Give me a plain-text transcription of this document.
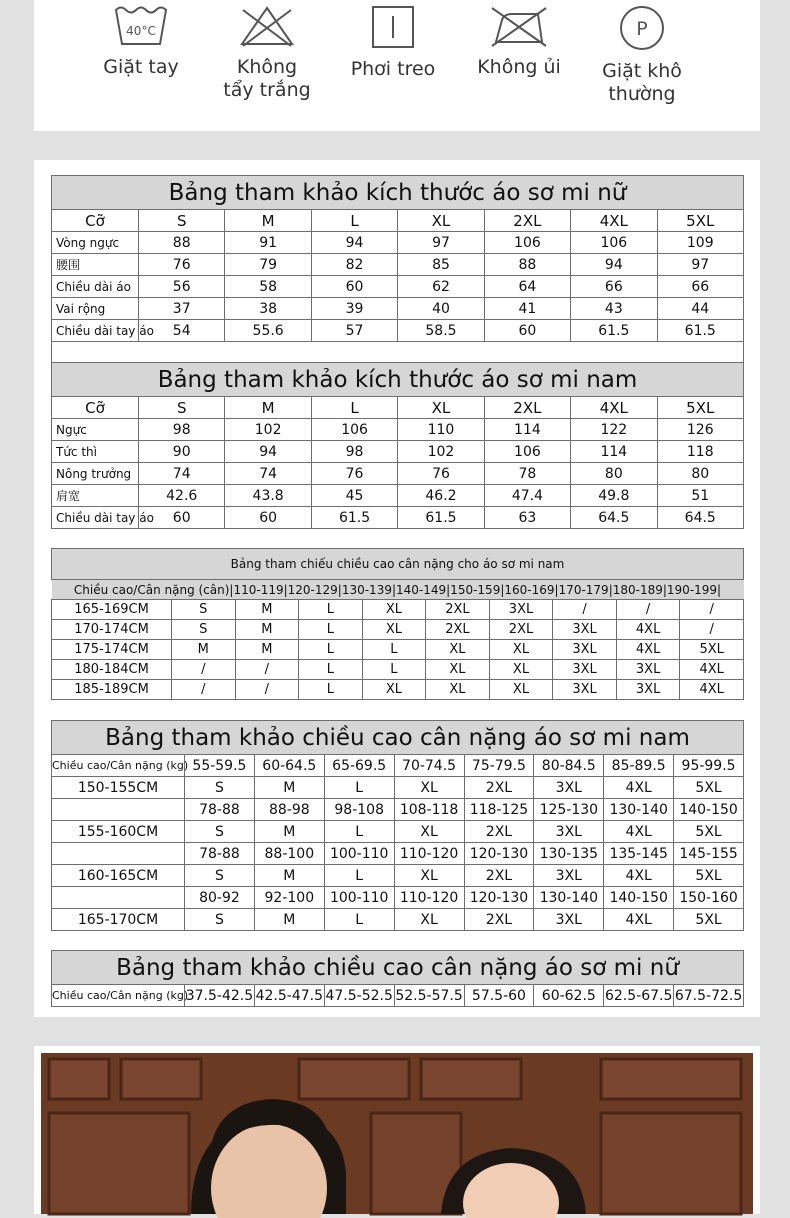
40°C
Giặt tay	Không
tẩy trắng
Phơi treo	Không ủi
P
Giặt khô
thường
Bảng tham khảo kích thước áo sơ mi nữ							
Cỡ	S	M	L	XL	2XL	4XL	5XL
Vòng ngực	88	91	94	97	106	106	109
腰围	76	79	82	85	88	94	97
Chiều dài áo	56	58	60	62	64	66	66
Vai rộng	37	38	39	40	41	43	44
Chiều dài tay áo	54	55.6	57	58.5	60	61.5	61.5

Bảng tham khảo kích thước áo sơ mi nam							
Cỡ	S	M	L	XL	2XL	4XL	5XL
Ngực	98	102	106	110	114	122	126
Tức thì	90	94	98	102	106	114	118
Nông trưởng	74	74	76	76	78	80	80
肩宽	42.6	43.8	45	46.2	47.4	49.8	51
Chiều dài tay áo	60	60	61.5	61.5	63	64.5	64.5
Bảng tham chiếu chiều cao cân nặng cho áo sơ mi nam									
Chiều cao/Cân nặng (cân)|110-119|120-129|130-139|140-149|150-159|160-169|170-179|180-189|190-199|									
165-169CM	S	M	L	XL	2XL	3XL	/	/	/
170-174CM	S	M	L	XL	2XL	2XL	3XL	4XL	/
175-174CM	M	M	L	L	XL	XL	3XL	4XL	5XL
180-184CM	/	/	L	L	XL	XL	3XL	3XL	4XL
185-189CM	/	/	L	XL	XL	XL	3XL	3XL	4XL
Bảng tham khảo chiều cao cân nặng áo sơ mi nam								
Chiều cao/Cân nặng (kg)	55-59.5	60-64.5	65-69.5	70-74.5	75-79.5	80-84.5	85-89.5	95-99.5
150-155CM	S	M	L	XL	2XL	3XL	4XL	5XL
	78-88	88-98	98-108	108-118	118-125	125-130	130-140	140-150
155-160CM	S	M	L	XL	2XL	3XL	4XL	5XL
	78-88	88-100	100-110	110-120	120-130	130-135	135-145	145-155
160-165CM	S	M	L	XL	2XL	3XL	4XL	5XL
	80-92	92-100	100-110	110-120	120-130	130-140	140-150	150-160
165-170CM	S	M	L	XL	2XL	3XL	4XL	5XL
Bảng tham khảo chiều cao cân nặng áo sơ mi nữ
Chiều cao/Cân nặng (kg)	37.5-42.5	42.5-47.5	47.5-52.5	52.5-57.5	57.5-60	60-62.5	62.5-67.5	67.5-72.5
